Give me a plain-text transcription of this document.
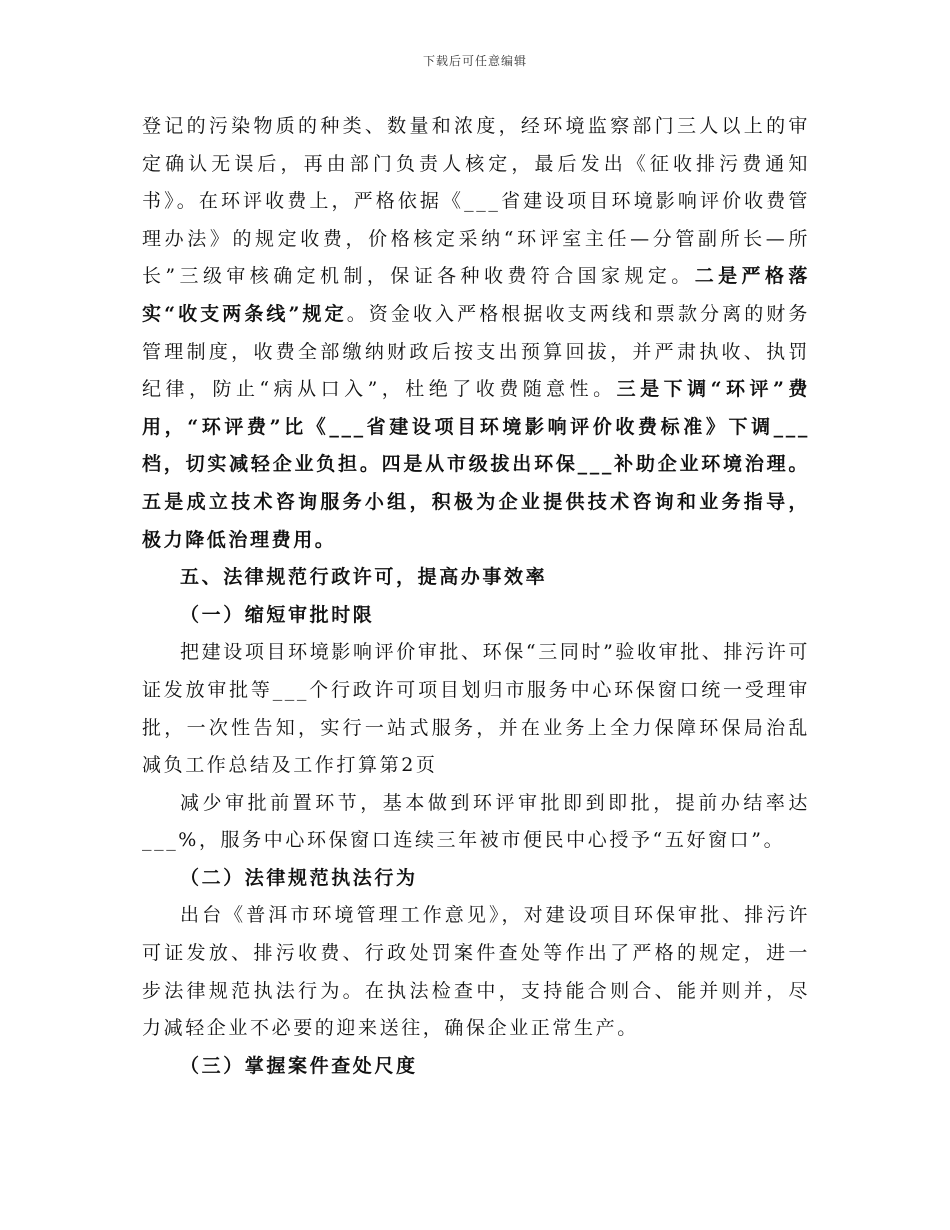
下载后可任意编辑

登记的污染物质的种类、数量和浓度，经环境监察部门三人以上的审定确认无误后，再由部门负责人核定，最后发出《征收排污费通知书》。在环评收费上，严格依据《___省建设项目环境影响评价收费管理办法》的规定收费，价格核定采纳“环评室主任—分管副所长—所长”三级审核确定机制，保证各种收费符合国家规定。二是严格落实“收支两条线”规定。资金收入严格根据收支两线和票款分离的财务管理制度，收费全部缴纳财政后按支出预算回拔，并严肃执收、执罚纪律，防止“病从口入”，杜绝了收费随意性。三是下调“环评”费用，“环评费”比《___省建设项目环境影响评价收费标准》下调___档，切实减轻企业负担。四是从市级拔出环保___补助企业环境治理。五是成立技术咨询服务小组，积极为企业提供技术咨询和业务指导，极力降低治理费用。

五、法律规范行政许可，提高办事效率

（一）缩短审批时限

把建设项目环境影响评价审批、环保“三同时”验收审批、排污许可证发放审批等___个行政许可项目划归市服务中心环保窗口统一受理审批，一次性告知，实行一站式服务，并在业务上全力保障环保局治乱减负工作总结及工作打算第2页

减少审批前置环节，基本做到环评审批即到即批，提前办结率达___%，服务中心环保窗口连续三年被市便民中心授予“五好窗口”。

（二）法律规范执法行为

出台《普洱市环境管理工作意见》，对建设项目环保审批、排污许可证发放、排污收费、行政处罚案件查处等作出了严格的规定，进一步法律规范执法行为。在执法检查中，支持能合则合、能并则并，尽力减轻企业不必要的迎来送往，确保企业正常生产。

（三）掌握案件查处尺度
